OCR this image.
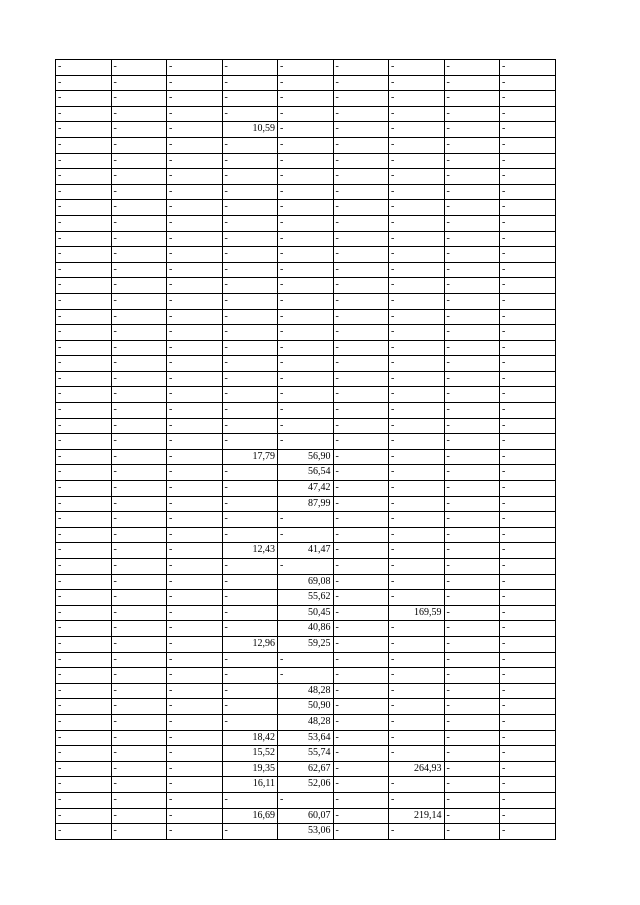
-	-	-	-	-	-	-	-	-
-	-	-	-	-	-	-	-	-
-	-	-	-	-	-	-	-	-
-	-	-	-	-	-	-	-	-
-	-	-	10,59	-	-	-	-	-
-	-	-	-	-	-	-	-	-
-	-	-	-	-	-	-	-	-
-	-	-	-	-	-	-	-	-
-	-	-	-	-	-	-	-	-
-	-	-	-	-	-	-	-	-
-	-	-	-	-	-	-	-	-
-	-	-	-	-	-	-	-	-
-	-	-	-	-	-	-	-	-
-	-	-	-	-	-	-	-	-
-	-	-	-	-	-	-	-	-
-	-	-	-	-	-	-	-	-
-	-	-	-	-	-	-	-	-
-	-	-	-	-	-	-	-	-
-	-	-	-	-	-	-	-	-
-	-	-	-	-	-	-	-	-
-	-	-	-	-	-	-	-	-
-	-	-	-	-	-	-	-	-
-	-	-	-	-	-	-	-	-
-	-	-	-	-	-	-	-	-
-	-	-	-	-	-	-	-	-
-	-	-	17,79	56,90	-	-	-	-
-	-	-	-	56,54	-	-	-	-
-	-	-	-	47,42	-	-	-	-
-	-	-	-	87,99	-	-	-	-
-	-	-	-	-	-	-	-	-
-	-	-	-	-	-	-	-	-
-	-	-	12,43	41,47	-	-	-	-
-	-	-	-	-	-	-	-	-
-	-	-	-	69,08	-	-	-	-
-	-	-	-	55,62	-	-	-	-
-	-	-	-	50,45	-	169,59	-	-
-	-	-	-	40,86	-	-	-	-
-	-	-	12,96	59,25	-	-	-	-
-	-	-	-	-	-	-	-	-
-	-	-	-	-	-	-	-	-
-	-	-	-	48,28	-	-	-	-
-	-	-	-	50,90	-	-	-	-
-	-	-	-	48,28	-	-	-	-
-	-	-	18,42	53,64	-	-	-	-
-	-	-	15,52	55,74	-	-	-	-
-	-	-	19,35	62,67	-	264,93	-	-
-	-	-	16,11	52,06	-	-	-	-
-	-	-	-	-	-	-	-	-
-	-	-	16,69	60,07	-	219,14	-	-
-	-	-	-	53,06	-	-	-	-
